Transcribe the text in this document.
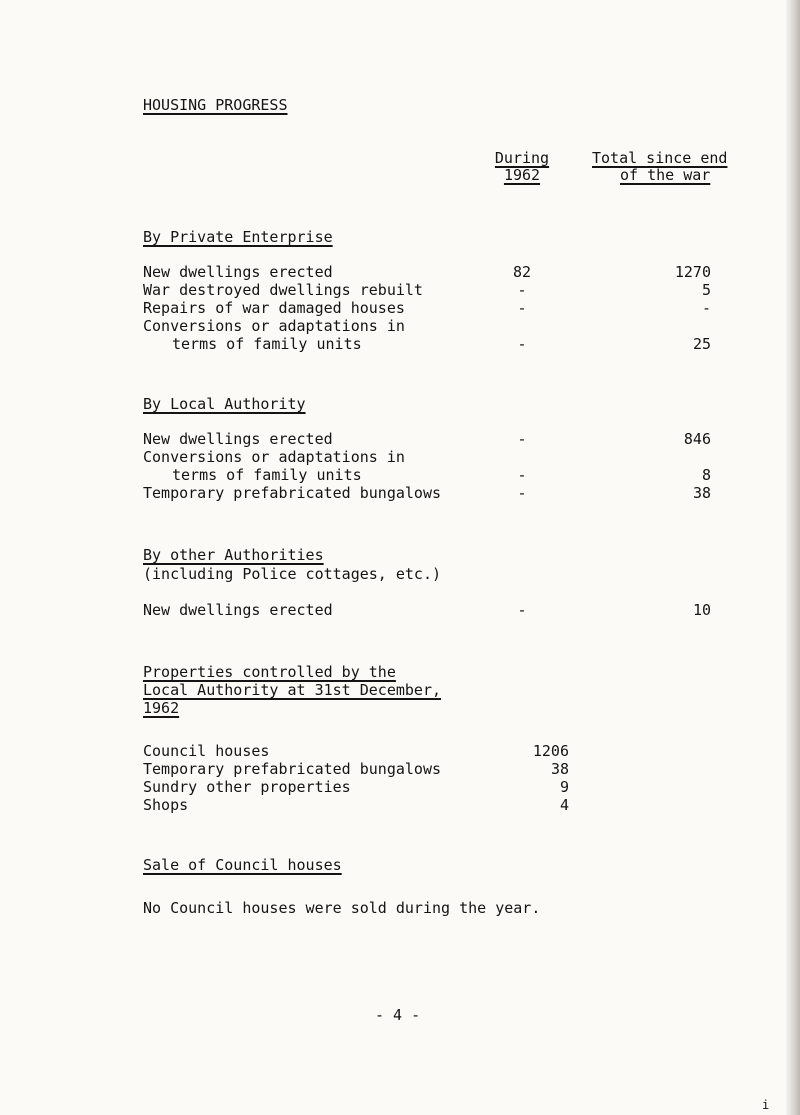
HOUSING PROGRESS
During
1962
Total since end
of the war
By Private Enterprise
New dwellings erected	82	1270
War destroyed dwellings rebuilt	-	5
Repairs of war damaged houses	-	-
Conversions or adaptations in
terms of family units	-	25
By Local Authority
New dwellings erected	-	846
Conversions or adaptations in
terms of family units	-	8
Temporary prefabricated bungalows	-	38
By other Authorities
(including Police cottages, etc.)
New dwellings erected	-	10
Properties controlled by the
Local Authority at 31st December,
1962
Council houses	1206
Temporary prefabricated bungalows	38
Sundry other properties	9
Shops	4
Sale of Council houses
No Council houses were sold during the year.
- 4 -
i
